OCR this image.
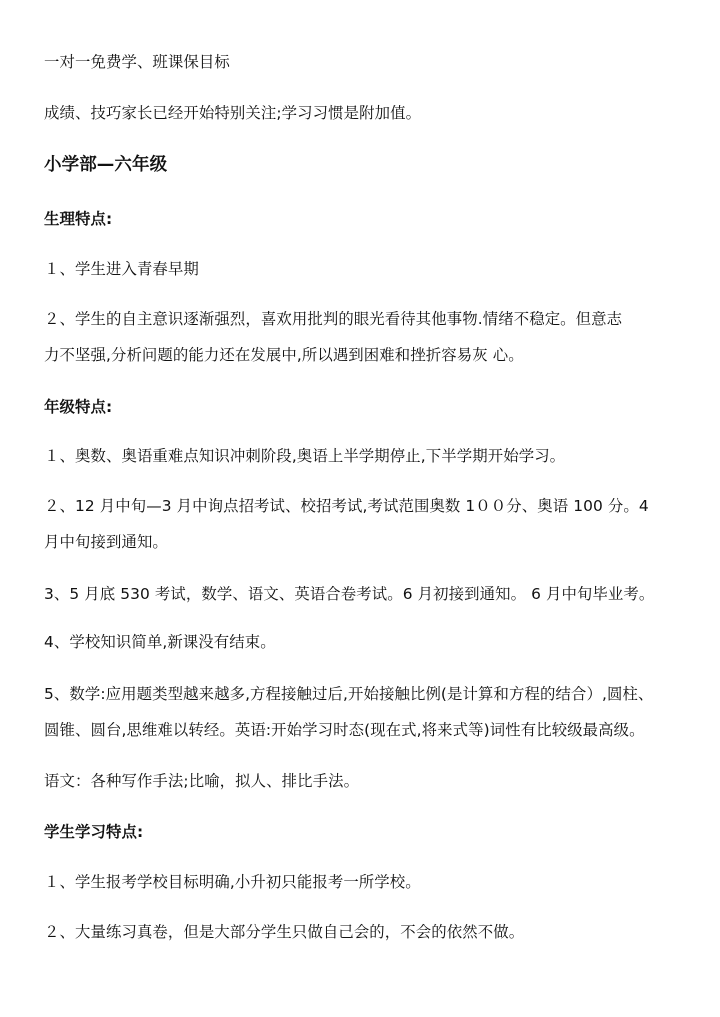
一对一免费学、班课保目标
成绩、技巧家长已经开始特别关注;学习习惯是附加值。
小学部—六年级
生理特点:
１、学生进入青春早期
２、学生的自主意识逐渐强烈，喜欢用批判的眼光看待其他事物.情绪不稳定。但意志
力不坚强,分析问题的能力还在发展中,所以遇到困难和挫折容易灰 心。
年级特点:
１、奥数、奥语重难点知识冲刺阶段,奥语上半学期停止,下半学期开始学习。
２、12 月中旬—3 月中询点招考试、校招考试,考试范围奥数 1００分、奥语 100 分。4
月中旬接到通知。
3、5 月底 530 考试，数学、语文、英语合卷考试。6 月初接到通知。 6 月中旬毕业考。
4、学校知识简单,新课没有结束。
5、数学:应用题类型越来越多,方程接触过后,开始接触比例(是计算和方程的结合）,圆柱、
圆锥、圆台,思维难以转经。英语:开始学习时态(现在式,将来式等)词性有比较级最高级。
语文：各种写作手法;比喻，拟人、排比手法。
学生学习特点:
１、学生报考学校目标明确,小升初只能报考一所学校。
２、大量练习真卷，但是大部分学生只做自己会的，不会的依然不做。
